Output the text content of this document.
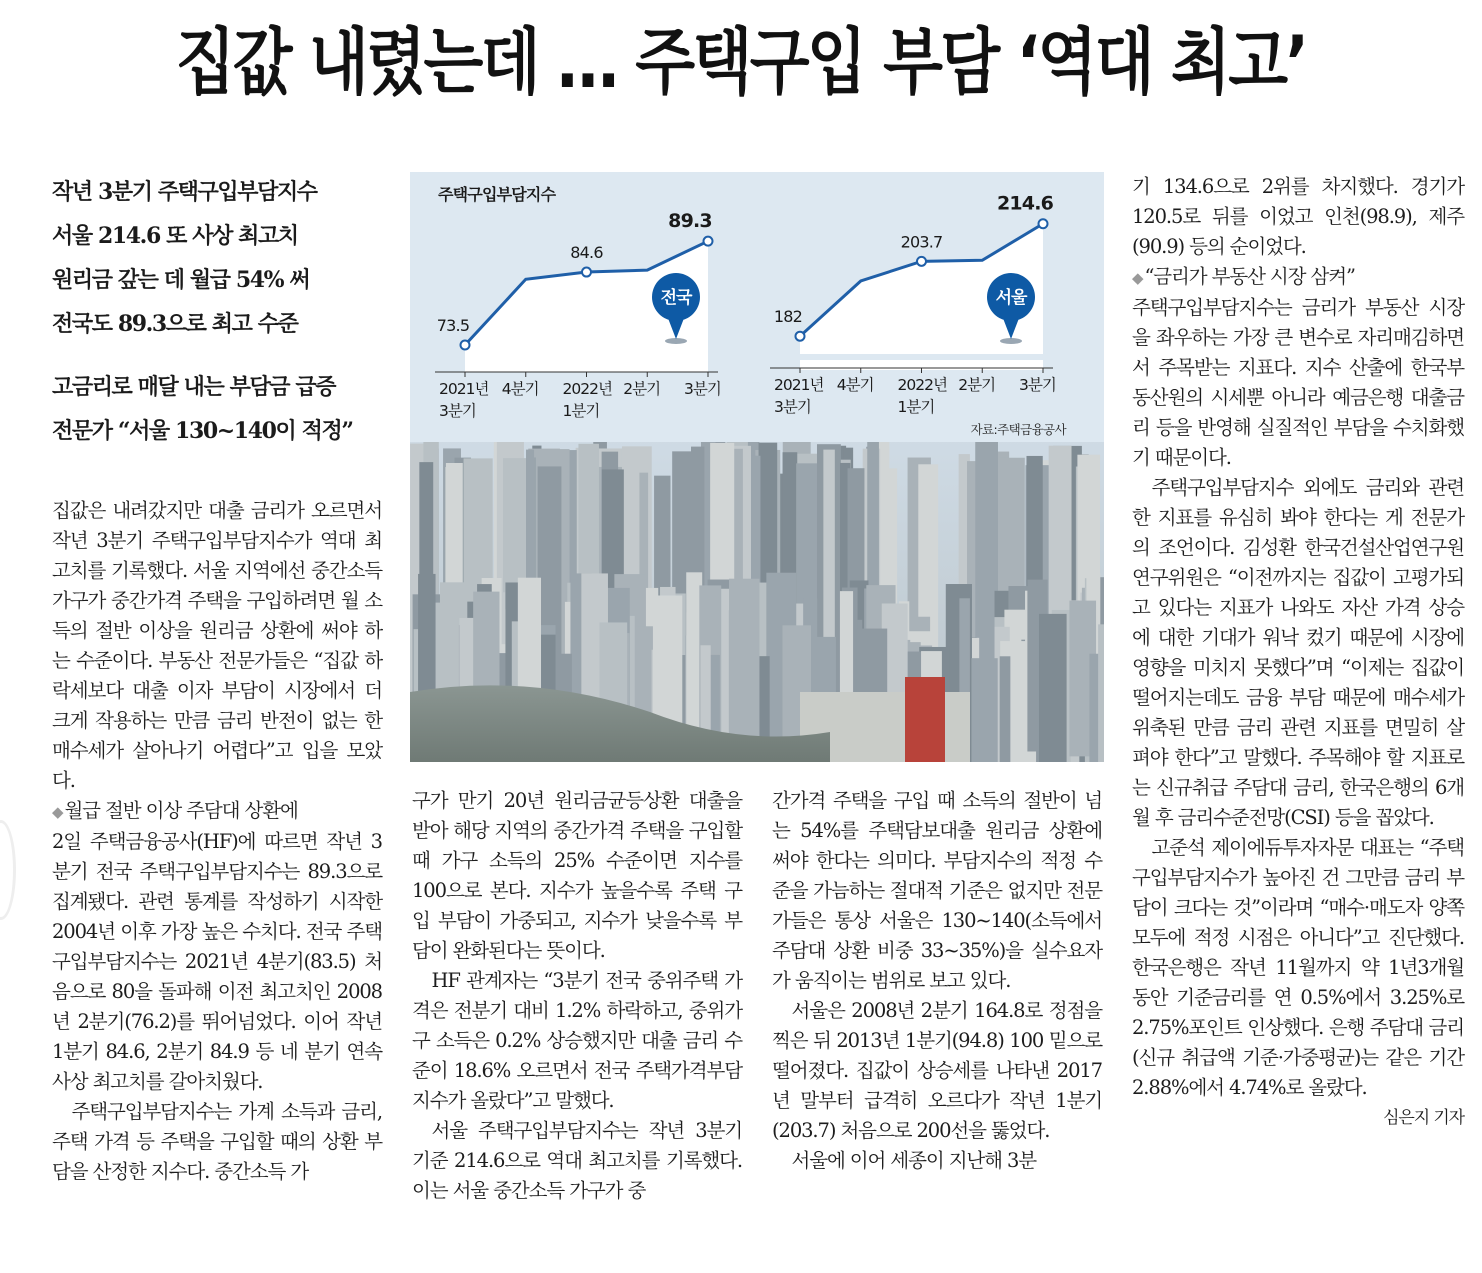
집값 내렸는데 … 주택구입 부담 ‘역대 최고’
작년 3분기 주택구입부담지수
서울 214.6 또 사상 최고치
원리금 갚는 데 월급 54% 써
전국도 89.3으로 최고 수준
고금리로 매달 내는 부담금 급증
전문가 “서울 130~140이 적정”
73.5
84.6
89.3
2021년
3분기
4분기 2022년
1분기
2분기 3분기
전국
182
203.7
214.6
2021년
3분기
4분기 2022년
1분기
2분기 3분기
서울
주택구입부담지수
자료:주택금융공사

집값은 내려갔지만 대출 금리가 오르면서 작년 3분기 주택구입부담지수가 역대 최고치를 기록했다. 서울 지역에선 중간소득 가구가 중간가격 주택을 구입하려면 월 소득의 절반 이상을 원리금 상환에 써야 하는 수준이다. 부동산 전문가들은 “집값 하락세보다 대출 이자 부담이 시장에서 더 크게 작용하는 만큼 금리 반전이 없는 한 매수세가 살아나기 어렵다”고 입을 모았다.

◆ 월급 절반 이상 주담대 상환에

2일 주택금융공사(HF)에 따르면 작년 3분기 전국 주택구입부담지수는 89.3으로 집계됐다. 관련 통계를 작성하기 시작한 2004년 이후 가장 높은 수치다. 전국 주택구입부담지수는 2021년 4분기(83.5) 처음으로 80을 돌파해 이전 최고치인 2008년 2분기(76.2)를 뛰어넘었다. 이어 작년 1분기 84.6, 2분기 84.9 등 네 분기 연속 사상 최고치를 갈아치웠다.

주택구입부담지수는 가계 소득과 금리, 주택 가격 등 주택을 구입할 때의 상환 부담을 산정한 지수다. 중간소득 가

구가 만기 20년 원리금균등상환 대출을 받아 해당 지역의 중간가격 주택을 구입할 때 가구 소득의 25% 수준이면 지수를 100으로 본다. 지수가 높을수록 주택 구입 부담이 가중되고, 지수가 낮을수록 부담이 완화된다는 뜻이다.

HF 관계자는 “3분기 전국 중위주택 가격은 전분기 대비 1.2% 하락하고, 중위가구 소득은 0.2% 상승했지만 대출 금리 수준이 18.6% 오르면서 전국 주택가격부담지수가 올랐다”고 말했다.

서울 주택구입부담지수는 작년 3분기 기준 214.6으로 역대 최고치를 기록했다. 이는 서울 중간소득 가구가 중

간가격 주택을 구입 때 소득의 절반이 넘는 54%를 주택담보대출 원리금 상환에 써야 한다는 의미다. 부담지수의 적정 수준을 가늠하는 절대적 기준은 없지만 전문가들은 통상 서울은 130~140(소득에서 주담대 상환 비중 33~35%)을 실수요자가 움직이는 범위로 보고 있다.

서울은 2008년 2분기 164.8로 정점을 찍은 뒤 2013년 1분기(94.8) 100 밑으로 떨어졌다. 집값이 상승세를 나타낸 2017년 말부터 급격히 오르다가 작년 1분기(203.7) 처음으로 200선을 뚫었다.

서울에 이어 세종이 지난해 3분

기 134.6으로 2위를 차지했다. 경기가 120.5로 뒤를 이었고 인천(98.9), 제주(90.9) 등의 순이었다.

◆ “금리가 부동산 시장 삼켜”

주택구입부담지수는 금리가 부동산 시장을 좌우하는 가장 큰 변수로 자리매김하면서 주목받는 지표다. 지수 산출에 한국부동산원의 시세뿐 아니라 예금은행 대출금리 등을 반영해 실질적인 부담을 수치화했기 때문이다.

주택구입부담지수 외에도 금리와 관련한 지표를 유심히 봐야 한다는 게 전문가의 조언이다. 김성환 한국건설산업연구원 연구위원은 “이전까지는 집값이 고평가되고 있다는 지표가 나와도 자산 가격 상승에 대한 기대가 워낙 컸기 때문에 시장에 영향을 미치지 못했다”며 “이제는 집값이 떨어지는데도 금융 부담 때문에 매수세가 위축된 만큼 금리 관련 지표를 면밀히 살펴야 한다”고 말했다. 주목해야 할 지표로는 신규취급 주담대 금리, 한국은행의 6개월 후 금리수준전망(CSI) 등을 꼽았다.

고준석 제이에듀투자자문 대표는 “주택구입부담지수가 높아진 건 그만큼 금리 부담이 크다는 것”이라며 “매수·매도자 양쪽 모두에 적정 시점은 아니다”고 진단했다. 한국은행은 작년 11월까지 약 1년3개월 동안 기준금리를 연 0.5%에서 3.25%로 2.75%포인트 인상했다. 은행 주담대 금리(신규 취급액 기준·가중평균)는 같은 기간 2.88%에서 4.74%로 올랐다.
심은지 기자
